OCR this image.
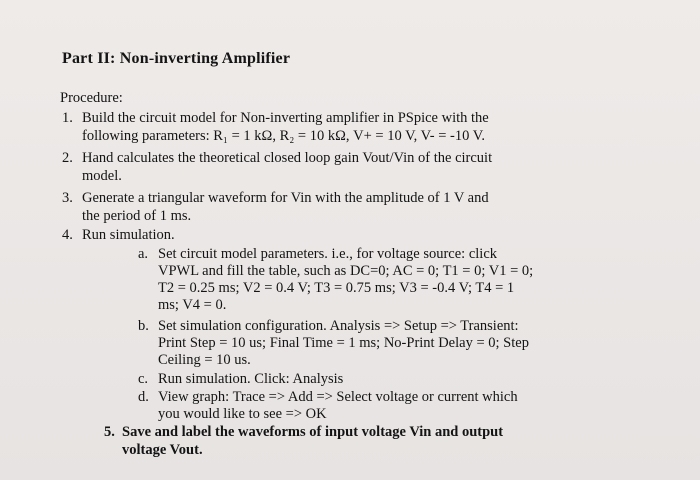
Part II: Non-inverting Amplifier
Procedure:
1. Build the circuit model for Non-inverting amplifier in PSpice with the
following parameters: R₁ = 1 kΩ, R₂ = 10 kΩ, V+ = 10 V, V- = -10 V.
2. Hand calculates the theoretical closed loop gain Vout/Vin of the circuit
model.
3. Generate a triangular waveform for Vin with the amplitude of 1 V and
the period of 1 ms.
4. Run simulation.
a. Set circuit model parameters. i.e., for voltage source: click
VPWL and fill the table, such as DC=0; AC = 0; T1 = 0; V1 = 0;
T2 = 0.25 ms; V2 = 0.4 V; T3 = 0.75 ms; V3 = -0.4 V; T4 = 1
ms; V4 = 0.
b. Set simulation configuration. Analysis => Setup => Transient:
Print Step = 10 us; Final Time = 1 ms; No-Print Delay = 0; Step
Ceiling = 10 us.
c. Run simulation. Click: Analysis
d. View graph: Trace => Add => Select voltage or current which
you would like to see => OK
5. Save and label the waveforms of input voltage Vin and output
voltage Vout.
